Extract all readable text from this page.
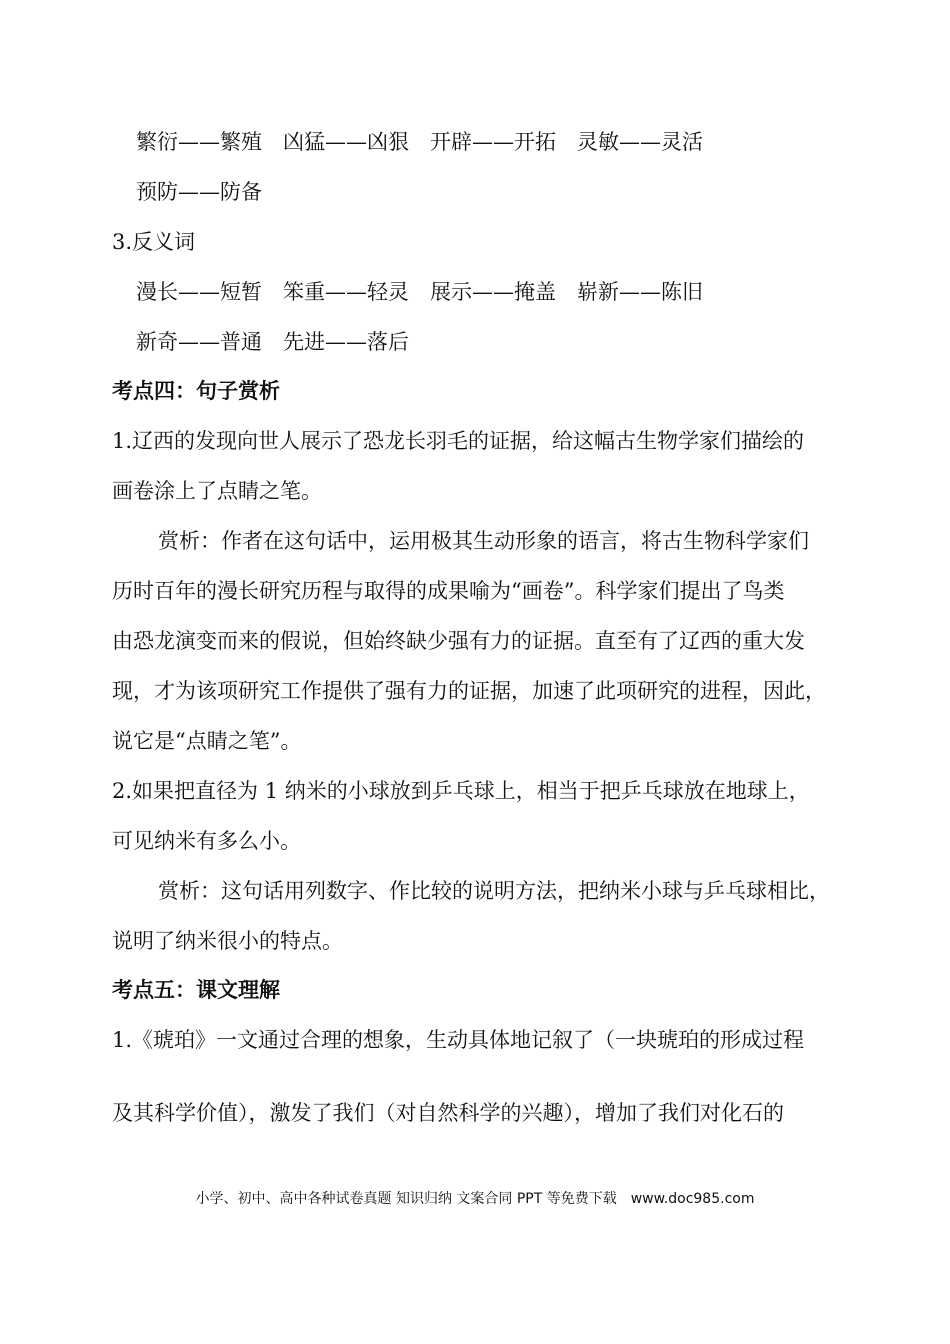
繁衍——繁殖　凶猛——凶狠　开辟——开拓　灵敏——灵活
预防——防备
3.反义词
漫长——短暂　笨重——轻灵　展示——掩盖　崭新——陈旧
新奇——普通　先进——落后
考点四：句子赏析
1.辽西的发现向世人展示了恐龙长羽毛的证据，给这幅古生物学家们描绘的
画卷涂上了点睛之笔。
赏析：作者在这句话中，运用极其生动形象的语言，将古生物科学家们
历时百年的漫长研究历程与取得的成果喻为“画卷”。科学家们提出了鸟类
由恐龙演变而来的假说，但始终缺少强有力的证据。直至有了辽西的重大发
现，才为该项研究工作提供了强有力的证据，加速了此项研究的进程，因此，
说它是“点睛之笔”。
2.如果把直径为 1 纳米的小球放到乒乓球上，相当于把乒乓球放在地球上，
可见纳米有多么小。
赏析：这句话用列数字、作比较的说明方法，把纳米小球与乒乓球相比，
说明了纳米很小的特点。
考点五：课文理解
1.《琥珀》一文通过合理的想象，生动具体地记叙了（一块琥珀的形成过程
及其科学价值），激发了我们（对自然科学的兴趣），增加了我们对化石的
小学、初中、高中各种试卷真题 知识归纳 文案合同 PPT 等免费下载　www.doc985.com
